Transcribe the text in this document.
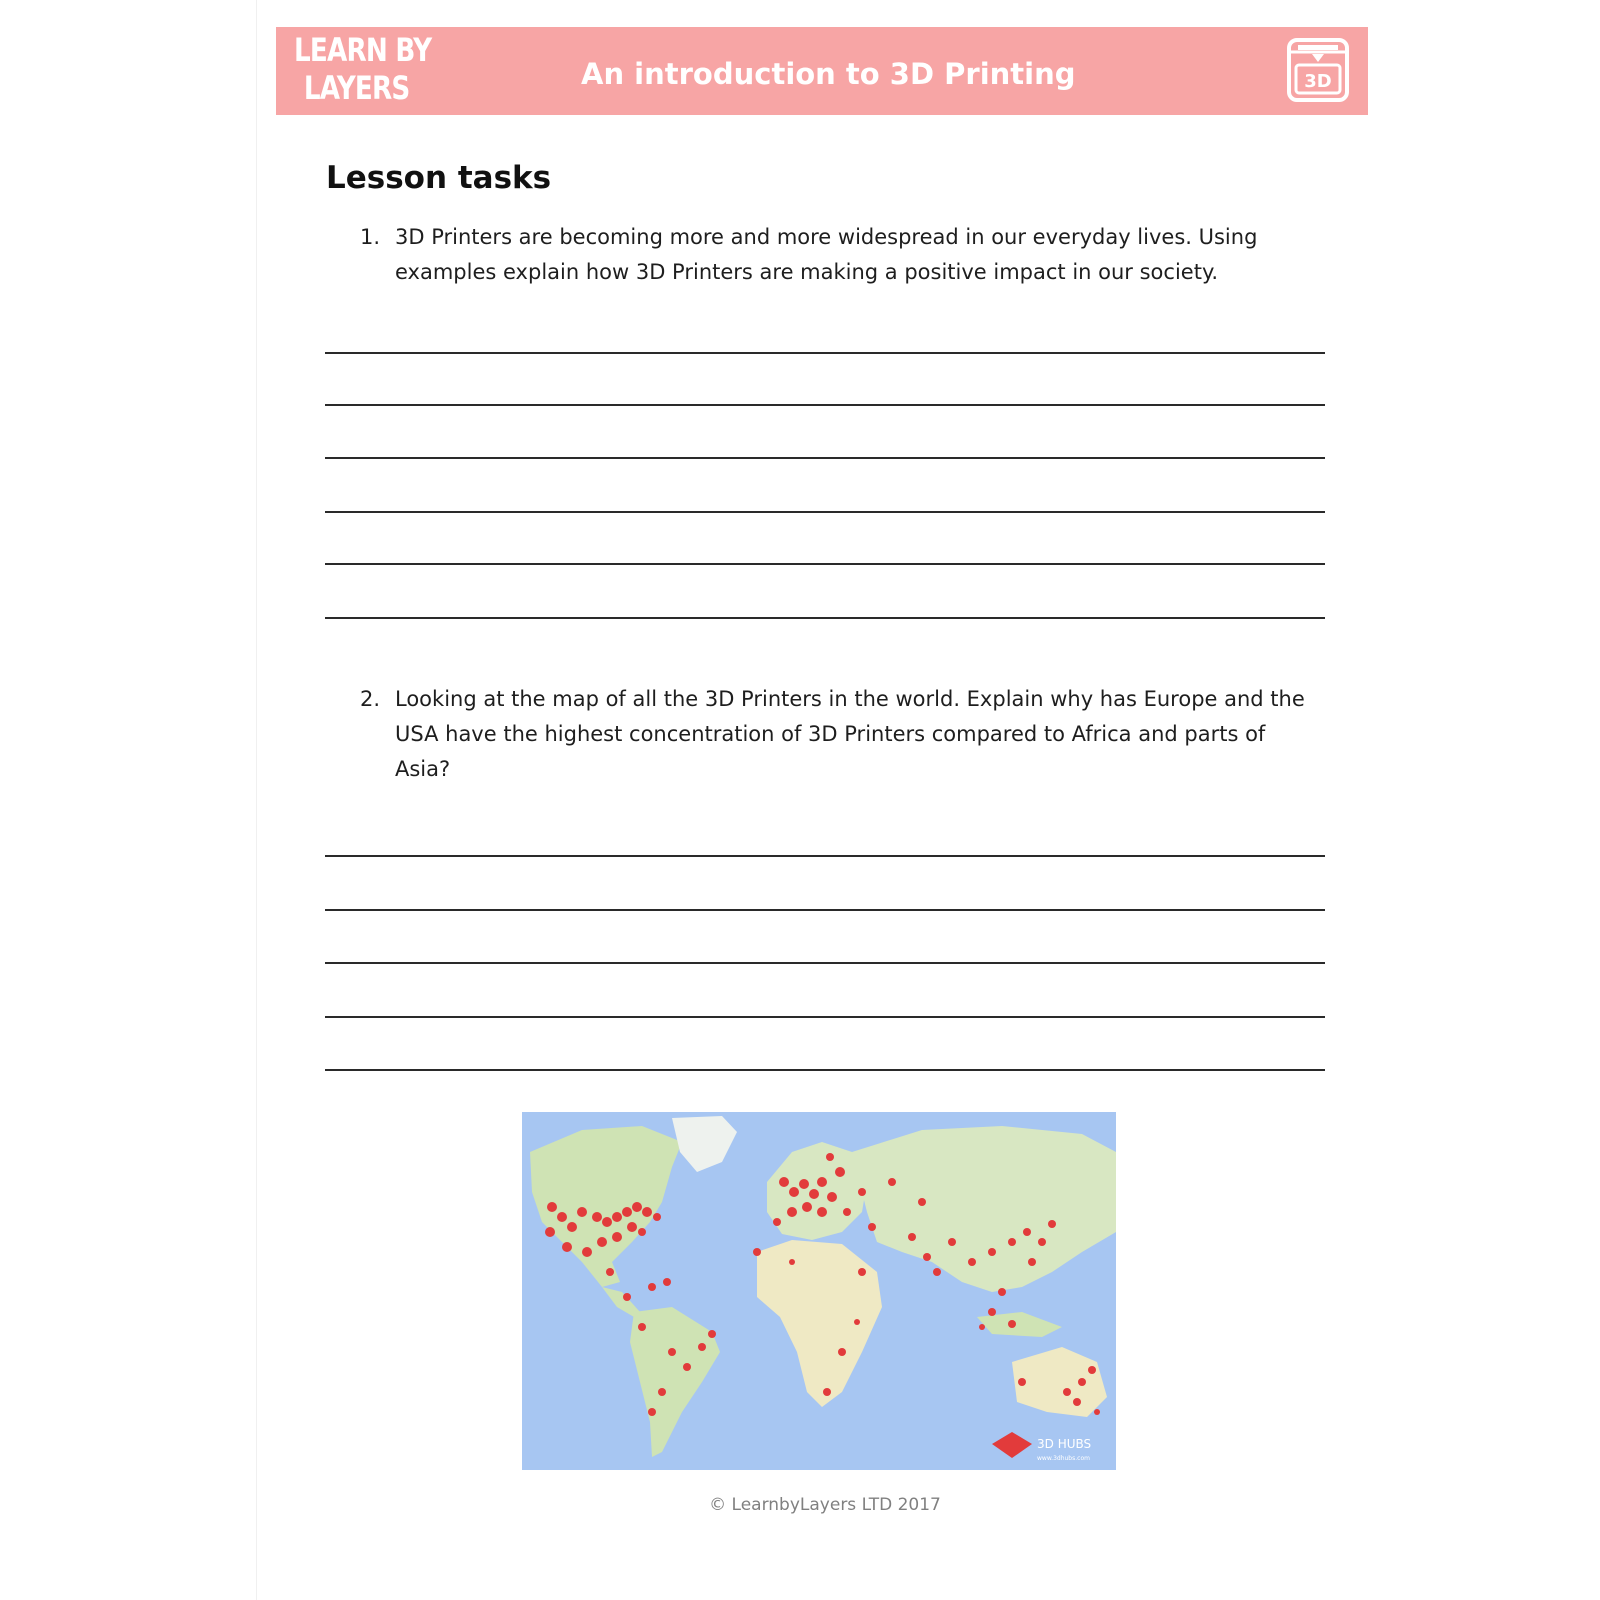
LEARN BY
LAYERS	An introduction to 3D Printing	3D
Lesson tasks
1. 3D Printers are becoming more and more widespread in our everyday lives. Using examples explain how 3D Printers are making a positive impact in our society.
2. Looking at the map of all the 3D Printers in the world. Explain why has Europe and the USA have the highest concentration of 3D Printers compared to Africa and parts of Asia?
3D HUBS
www.3dhubs.com
© LearnbyLayers LTD 2017
